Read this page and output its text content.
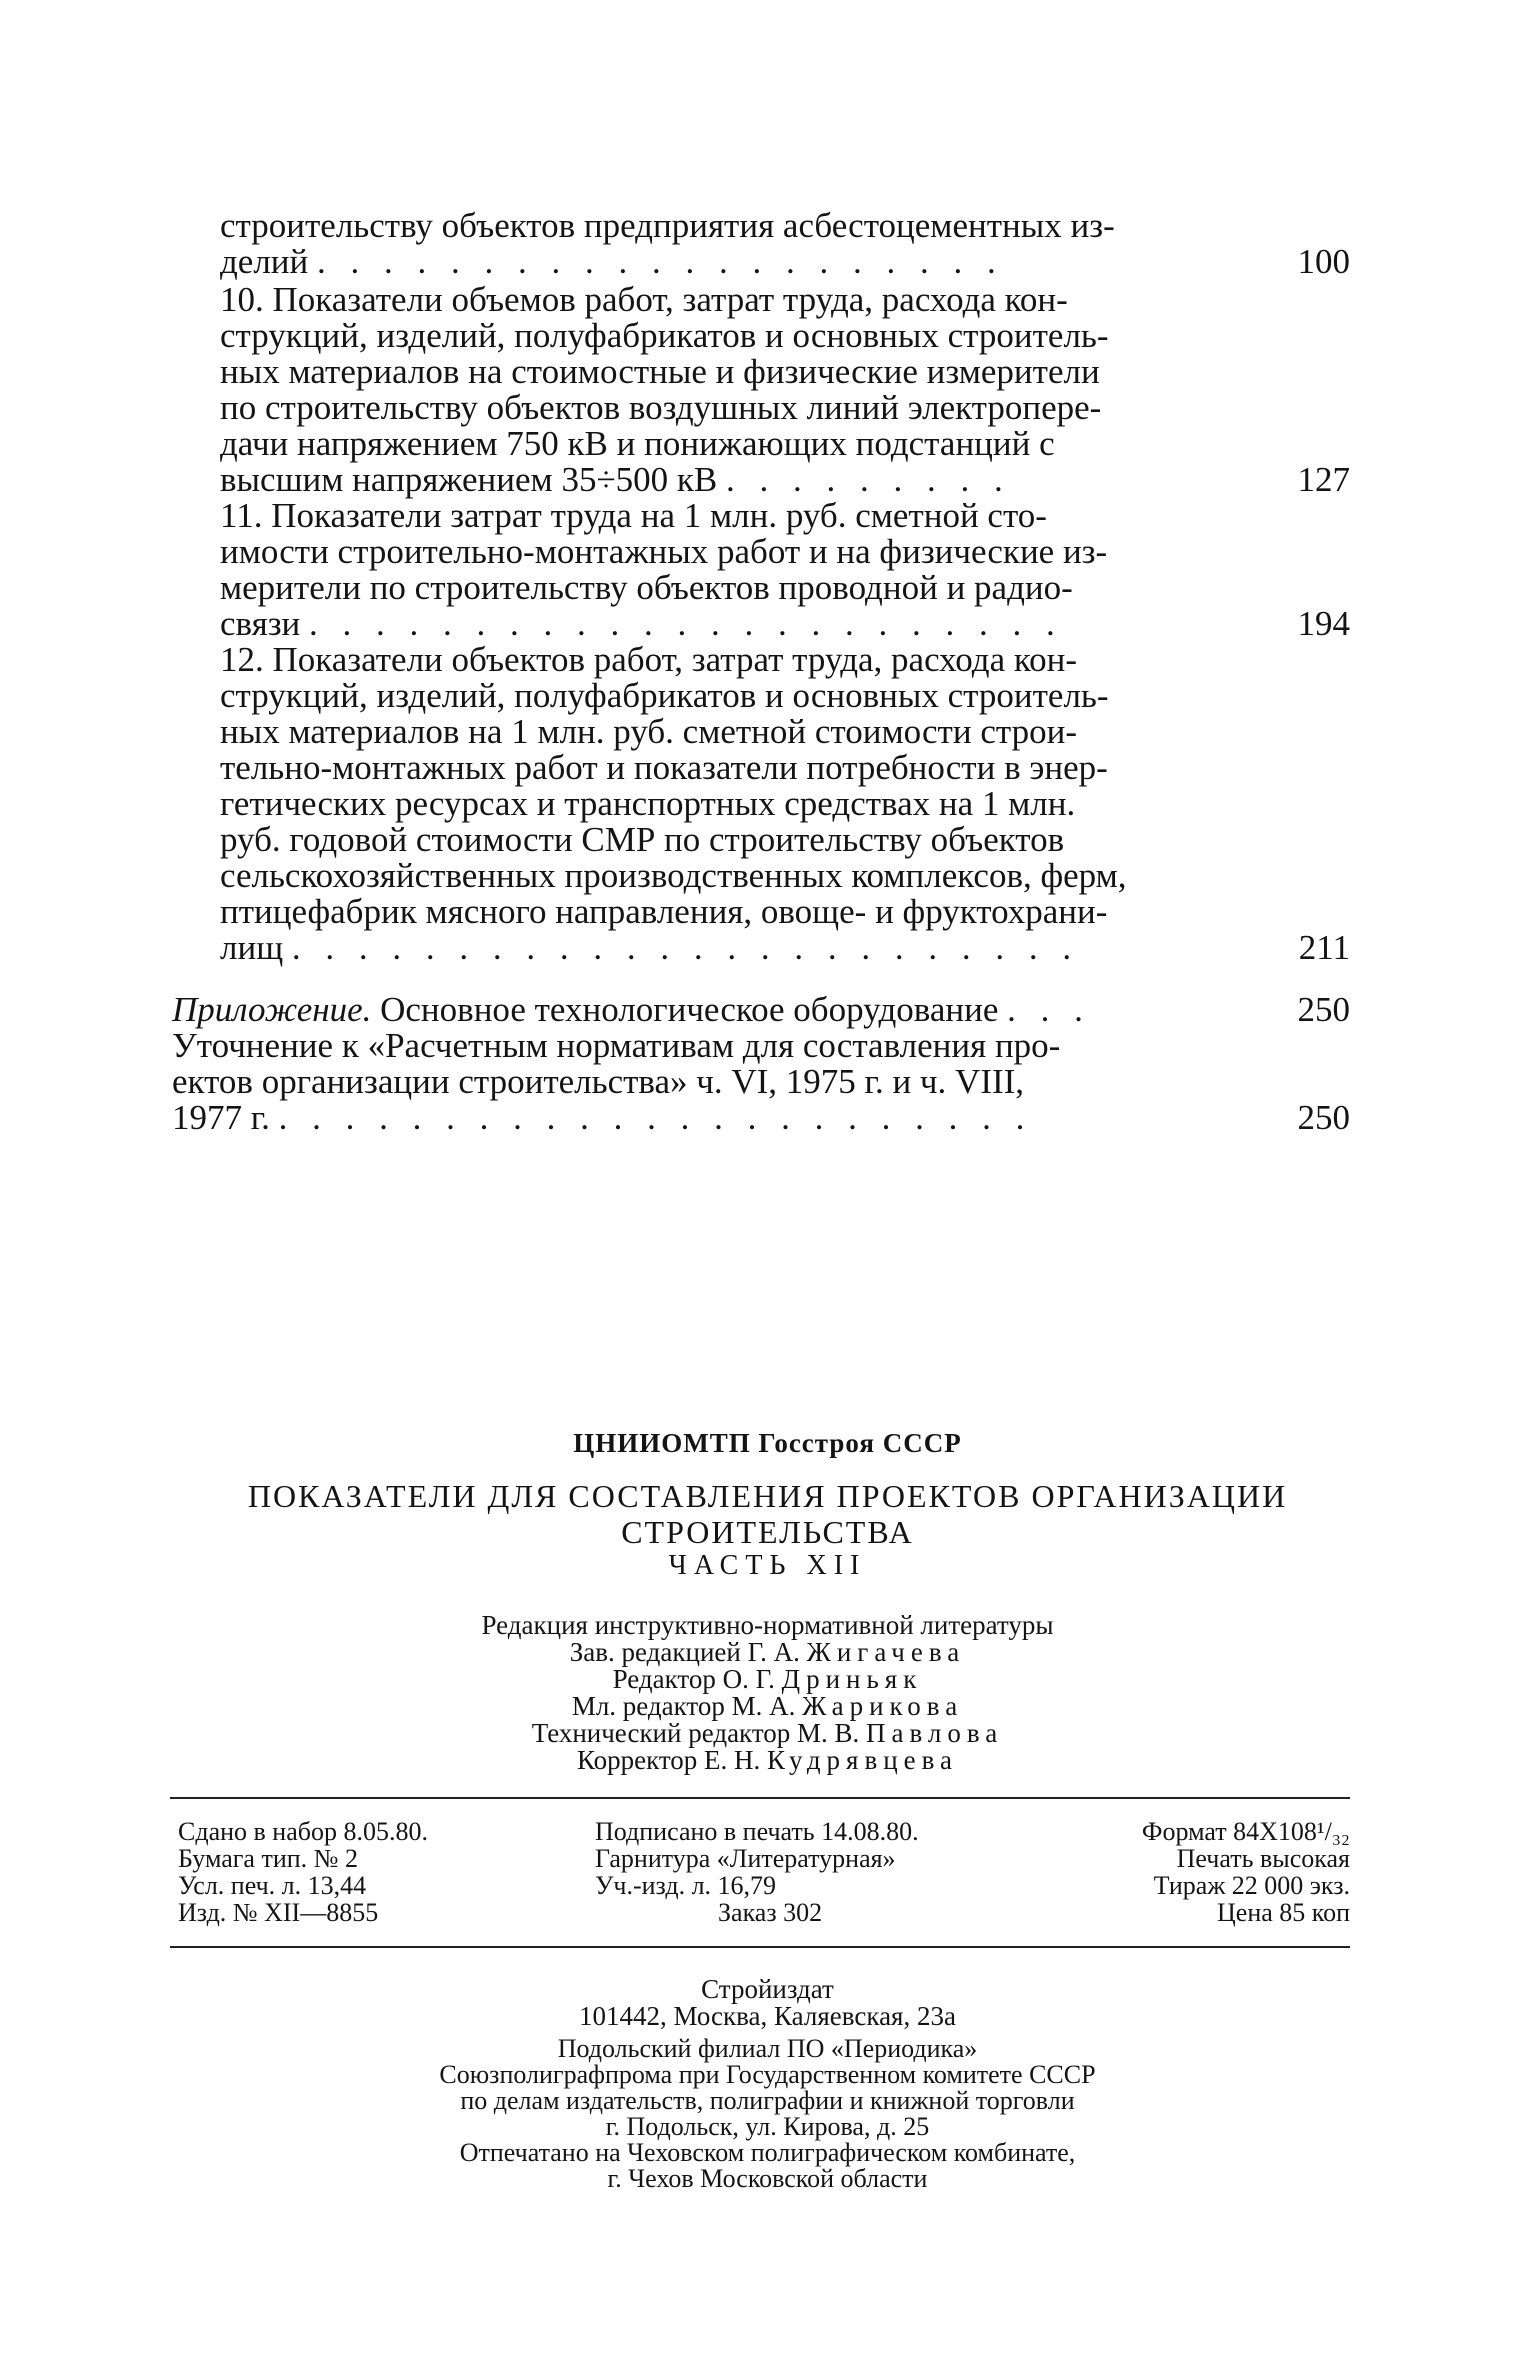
строительству объектов предприятия асбестоцементных из-
делий . . . . . . . . . . . . . . . . . . . . .	100
10. Показатели объемов работ, затрат труда, расхода кон-
струкций, изделий, полуфабрикатов и основных строитель-
ных материалов на стоимостные и физические измерители
по строительству объектов воздушных линий электропере-
дачи напряжением 750 кВ и понижающих подстанций с
высшим напряжением 35÷500 кВ . . . . . . . . .	127
11. Показатели затрат труда на 1 млн. руб. сметной сто-
имости строительно-монтажных работ и на физические из-
мерители по строительству объектов проводной и радио-
связи . . . . . . . . . . . . . . . . . . . . . . .	194
12. Показатели объектов работ, затрат труда, расхода кон-
струкций, изделий, полуфабрикатов и основных строитель-
ных материалов на 1 млн. руб. сметной стоимости строи-
тельно-монтажных работ и показатели потребности в энер-
гетических ресурсах и транспортных средствах на 1 млн.
руб. годовой стоимости СМР по строительству объектов
сельскохозяйственных производственных комплексов, ферм,
птицефабрик мясного направления, овоще- и фруктохрани-
лищ . . . . . . . . . . . . . . . . . . . . . . . .	211
Приложение. Основное технологическое оборудование . . .	250
Уточнение к «Расчетным нормативам для составления про-
ектов организации строительства» ч. VI, 1975 г. и ч. VIII,
1977 г. . . . . . . . . . . . . . . . . . . . . . . .	250
ЦНИИОМТП Госстроя СССР
ПОКАЗАТЕЛИ ДЛЯ СОСТАВЛЕНИЯ ПРОЕКТОВ ОРГАНИЗАЦИИ
СТРОИТЕЛЬСТВА
ЧАСТЬ XII
Редакция инструктивно-нормативной литературы
Зав. редакцией Г. А. Жигачева
Редактор О. Г. Дриньяк
Мл. редактор М. А. Жарикова
Технический редактор М. В. Павлова
Корректор Е. Н. Кудрявцева
Сдано в набор 8.05.80.	Подписано в печать 14.08.80.	Формат 84X108¹/₃₂
Бумага тип. № 2	Гарнитура «Литературная»	Печать высокая
Усл. печ. л. 13,44	Уч.-изд. л. 16,79	Тираж 22 000 экз.
Изд. № XII—8855	Заказ 302	Цена 85 коп
Стройиздат
101442, Москва, Каляевская, 23а
Подольский филиал ПО «Периодика»
Союзполиграфпрома при Государственном комитете СССР
по делам издательств, полиграфии и книжной торговли
г. Подольск, ул. Кирова, д. 25
Отпечатано на Чеховском полиграфическом комбинате,
г. Чехов Московской области
